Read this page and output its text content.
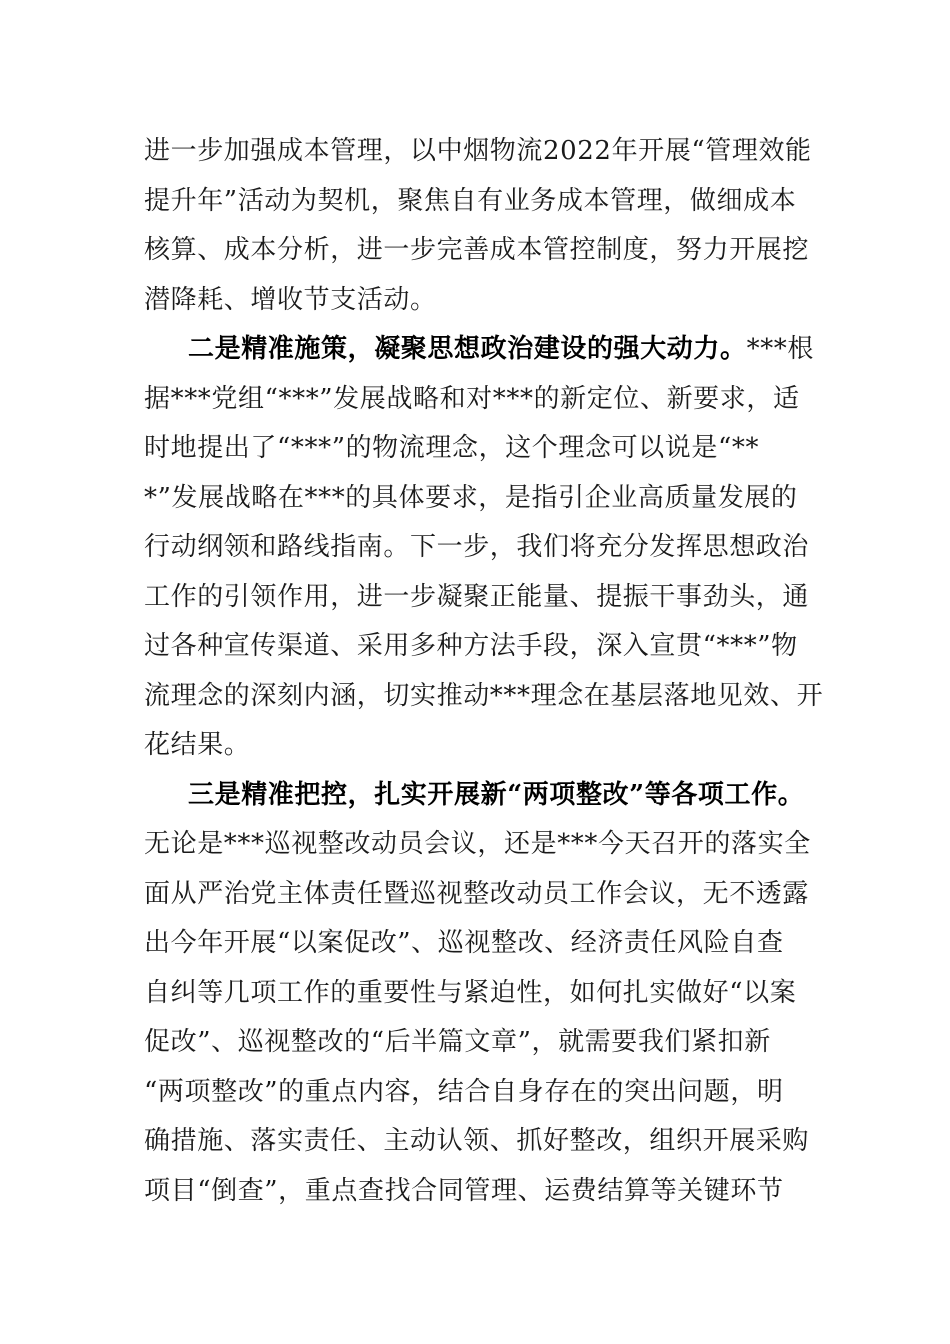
进一步加强成本管理，以中烟物流2022年开展“管理效能
提升年”活动为契机，聚焦自有业务成本管理，做细成本
核算、成本分析，进一步完善成本管控制度，努力开展挖
潜降耗、增收节支活动。
二是精准施策，凝聚思想政治建设的强大动力。***根
据***党组“***”发展战略和对***的新定位、新要求，适
时地提出了“***”的物流理念，这个理念可以说是“**
*”发展战略在***的具体要求，是指引企业高质量发展的
行动纲领和路线指南。下一步，我们将充分发挥思想政治
工作的引领作用，进一步凝聚正能量、提振干事劲头，通
过各种宣传渠道、采用多种方法手段，深入宣贯“***”物
流理念的深刻内涵，切实推动***理念在基层落地见效、开
花结果。
三是精准把控，扎实开展新“两项整改”等各项工作。
无论是***巡视整改动员会议，还是***今天召开的落实全
面从严治党主体责任暨巡视整改动员工作会议，无不透露
出今年开展“以案促改”、巡视整改、经济责任风险自查
自纠等几项工作的重要性与紧迫性，如何扎实做好“以案
促改”、巡视整改的“后半篇文章”，就需要我们紧扣新
“两项整改”的重点内容，结合自身存在的突出问题，明
确措施、落实责任、主动认领、抓好整改，组织开展采购
项目“倒查”，重点查找合同管理、运费结算等关键环节
